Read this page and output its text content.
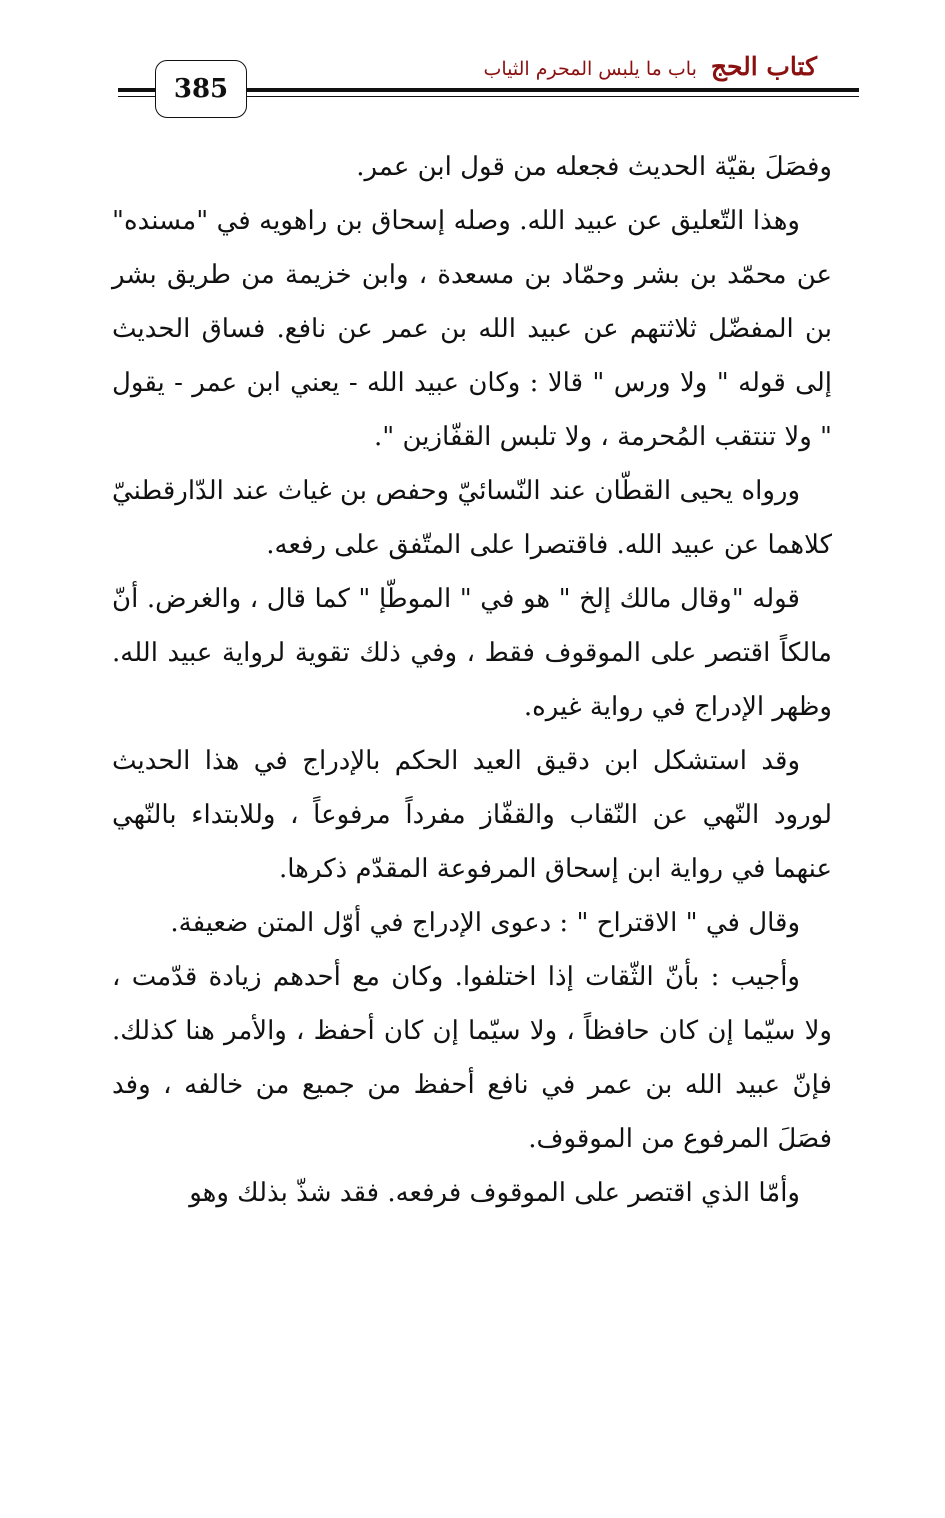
كتاب الحج
باب ما يلبس المحرم الثياب
385

وفصَلَ بقيّة الحديث فجعله من قول ابن عمر.

وهذا التّعليق عن عبيد الله. وصله إسحاق بن راهويه في "مسنده" عن محمّد بن بشر وحمّاد بن مسعدة ، وابن خزيمة من طريق بشر بن المفضّل ثلاثتهم عن عبيد الله بن عمر عن نافع. فساق الحديث إلى قوله " ولا ورس " قالا : وكان عبيد الله - يعني ابن عمر - يقول " ولا تنتقب المُحرمة ، ولا تلبس القفّازين ".

ورواه يحيى القطّان عند النّسائيّ وحفص بن غياث عند الدّارقطنيّ كلاهما عن عبيد الله. فاقتصرا على المتّفق على رفعه.

قوله "وقال مالك إلخ " هو في " الموطّإ " كما قال ، والغرض. أنّ مالكاً اقتصر على الموقوف فقط ، وفي ذلك تقوية لرواية عبيد الله. وظهر الإدراج في رواية غيره.

وقد استشكل ابن دقيق العيد الحكم بالإدراج في هذا الحديث لورود النّهي عن النّقاب والقفّاز مفرداً مرفوعاً ، وللابتداء بالنّهي عنهما في رواية ابن إسحاق المرفوعة المقدّم ذكرها.

وقال في " الاقتراح " : دعوى الإدراج في أوّل المتن ضعيفة.

وأجيب : بأنّ الثّقات إذا اختلفوا. وكان مع أحدهم زيادة قدّمت ، ولا سيّما إن كان حافظاً ، ولا سيّما إن كان أحفظ ، والأمر هنا كذلك. فإنّ عبيد الله بن عمر في نافع أحفظ من جميع من خالفه ، وفد فصَلَ المرفوع من الموقوف.

وأمّا الذي اقتصر على الموقوف فرفعه. فقد شذّ بذلك وهو
